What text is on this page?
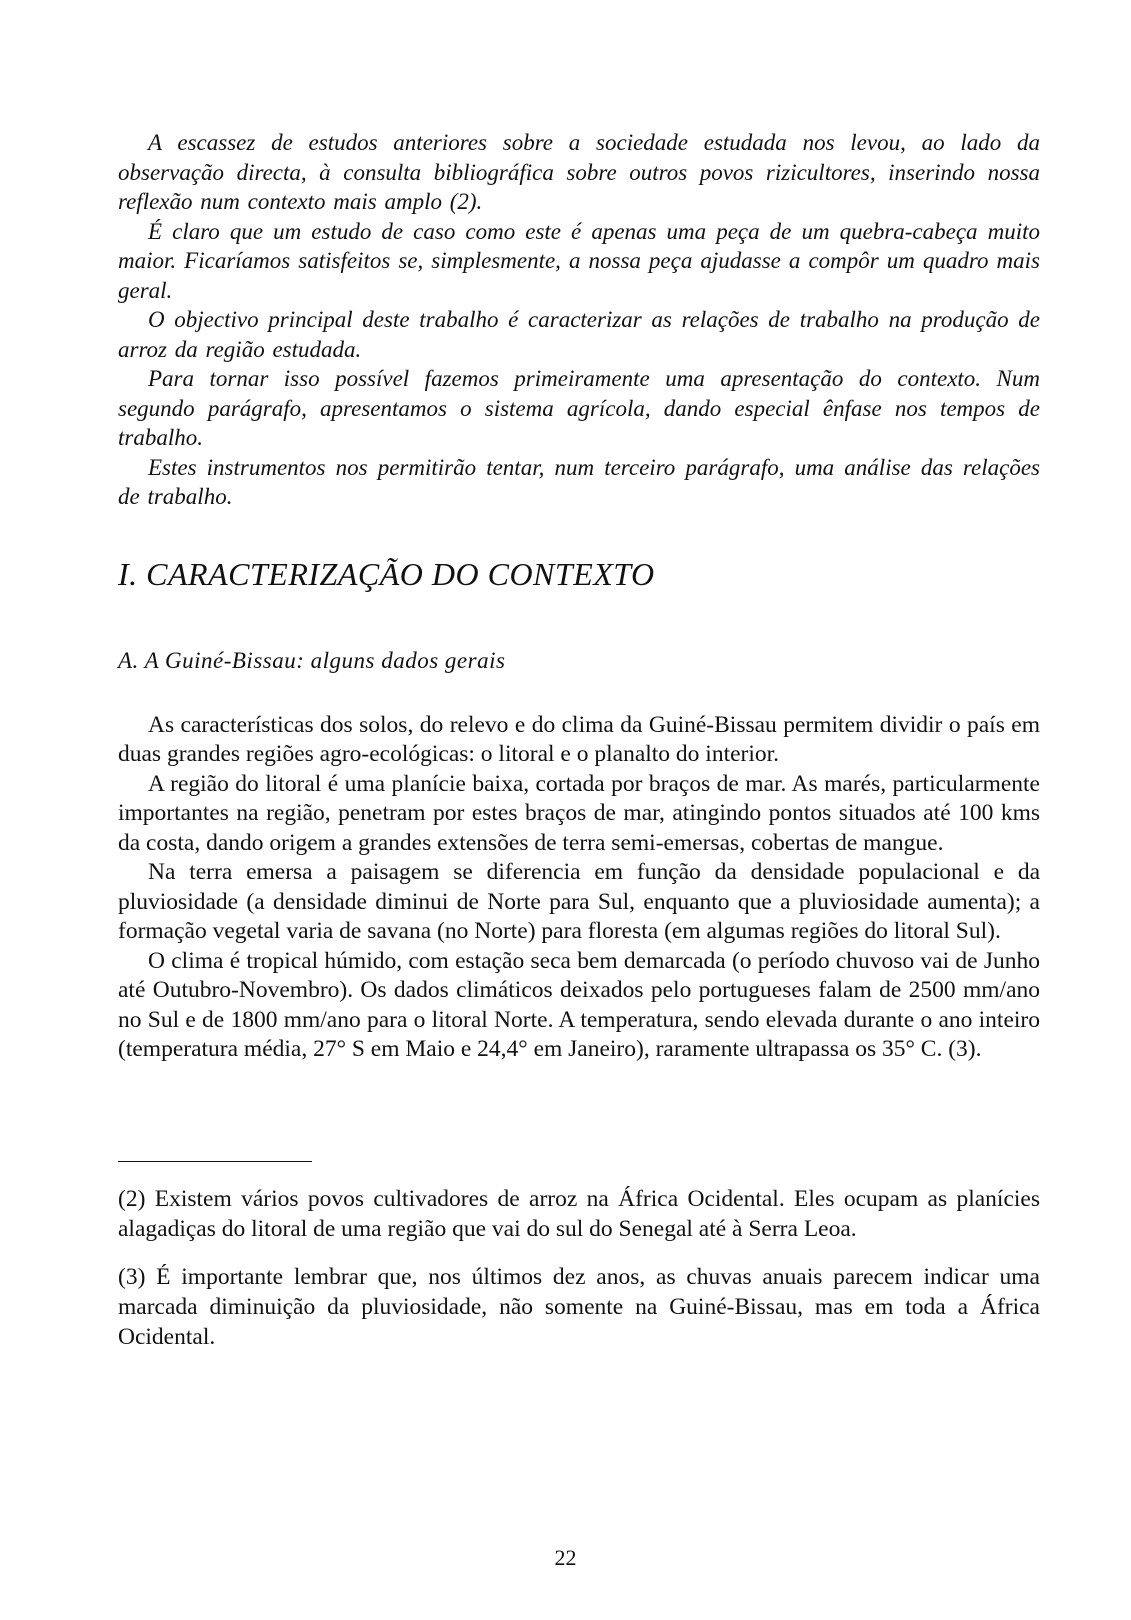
A escassez de estudos anteriores sobre a sociedade estudada nos levou, ao lado da observação directa, à consulta bibliográfica sobre outros povos rizicultores, inserindo nossa reflexão num contexto mais amplo (2).

É claro que um estudo de caso como este é apenas uma peça de um quebra-cabeça muito maior. Ficaríamos satisfeitos se, simplesmente, a nossa peça ajudasse a compôr um quadro mais geral.

O objectivo principal deste trabalho é caracterizar as relações de trabalho na produção de arroz da região estudada.

Para tornar isso possível fazemos primeiramente uma apresentação do contexto. Num segundo parágrafo, apresentamos o sistema agrícola, dando especial ênfase nos tempos de trabalho.

Estes instrumentos nos permitirão tentar, num terceiro parágrafo, uma análise das relações de trabalho.

I. CARACTERIZAÇÃO DO CONTEXTO
A. A Guiné-Bissau: alguns dados gerais

As características dos solos, do relevo e do clima da Guiné-Bissau permitem dividir o país em duas grandes regiões agro-ecológicas: o litoral e o planalto do interior.

A região do litoral é uma planície baixa, cortada por braços de mar. As marés, particularmente importantes na região, penetram por estes braços de mar, atingindo pontos situados até 100 kms da costa, dando origem a grandes extensões de terra semi-emersas, cobertas de mangue.

Na terra emersa a paisagem se diferencia em função da densidade populacional e da pluviosidade (a densidade diminui de Norte para Sul, enquanto que a pluviosidade aumenta); a formação vegetal varia de savana (no Norte) para floresta (em algumas regiões do litoral Sul).

O clima é tropical húmido, com estação seca bem demarcada (o período chuvoso vai de Junho até Outubro-Novembro). Os dados climáticos deixados pelo portugueses falam de 2500 mm/ano no Sul e de 1800 mm/ano para o litoral Norte. A temperatura, sendo elevada durante o ano inteiro (temperatura média, 27° S em Maio e 24,4° em Janeiro), raramente ultrapassa os 35° C. (3).

(2) Existem vários povos cultivadores de arroz na África Ocidental. Eles ocupam as planícies alagadiças do litoral de uma região que vai do sul do Senegal até à Serra Leoa.

(3) É importante lembrar que, nos últimos dez anos, as chuvas anuais parecem indicar uma marcada diminuição da pluviosidade, não somente na Guiné-Bissau, mas em toda a África Ocidental.

22
